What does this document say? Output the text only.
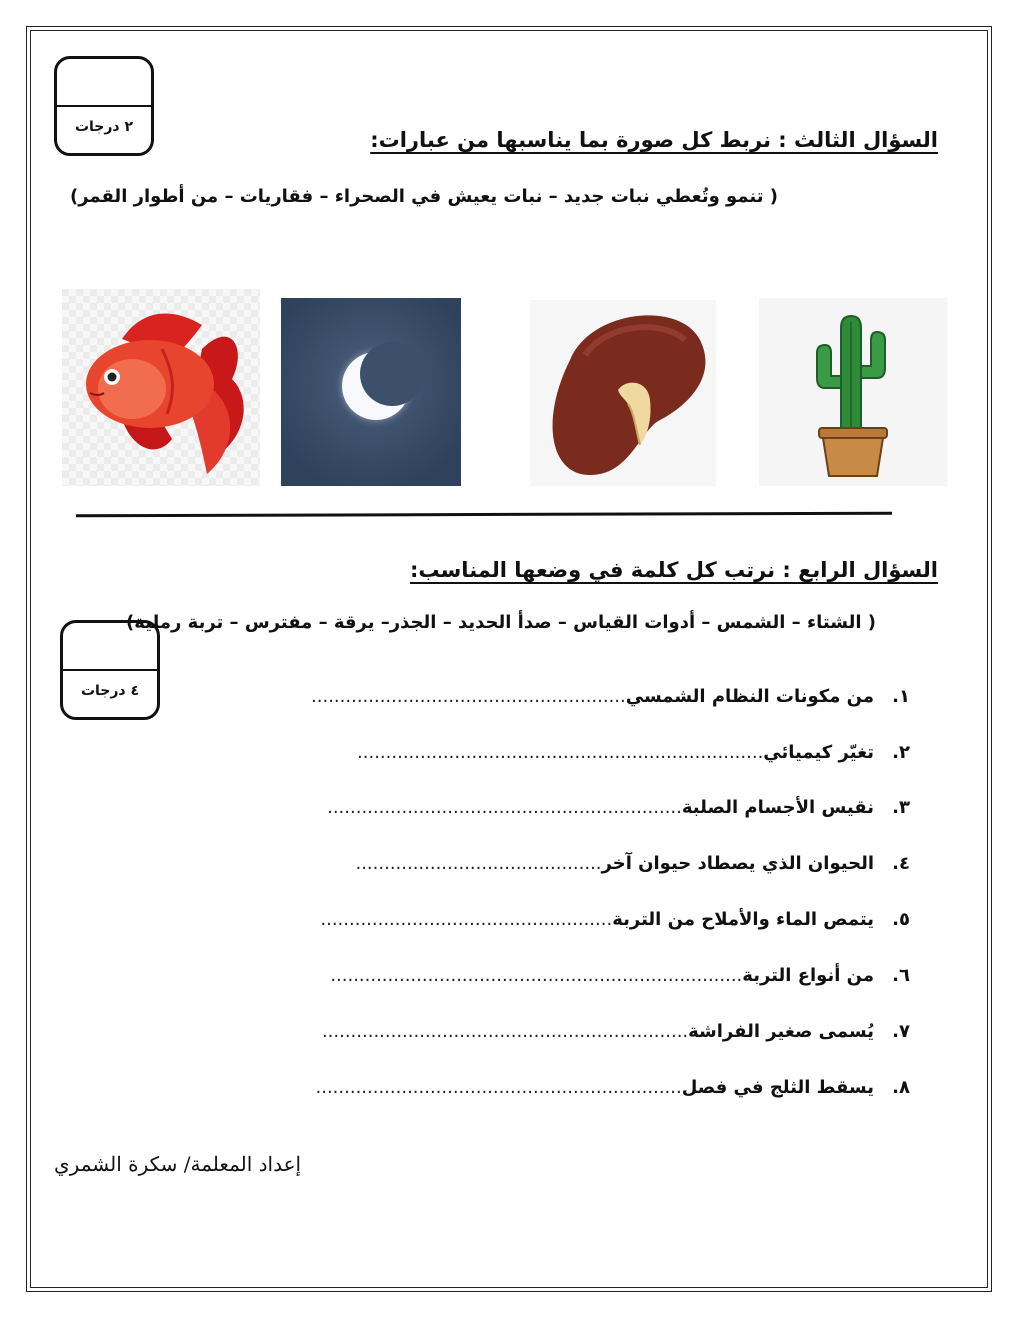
٢ درجات
السؤال الثالث : نربط كل صورة بما يناسبها من عبارات:
( تنمو وتُعطي نبات جديد – نبات يعيش في الصحراء – فقاريات – من أطوار القمر)
السؤال الرابع : نرتب كل كلمة في وضعها المناسب:
( الشتاء – الشمس – أدوات القياس – صدأ الحديد – الجذر– يرقة – مفترس – تربة رملية)
٤ درجات	١.
من مكونات النظام الشمسي
.......................................................
٢.
تغيّر كيميائي
.......................................................................
٣.
نقيس الأجسام الصلبة
..............................................................
٤.
الحيوان الذي يصطاد حيوان آخر
...........................................
٥.
يتمص الماء والأملاح من التربة
...................................................
٦.
من أنواع التربة
........................................................................
٧.
يُسمى صغير الفراشة
................................................................
٨.
يسقط الثلج في فصل
................................................................
إعداد المعلمة/ سكرة الشمري
